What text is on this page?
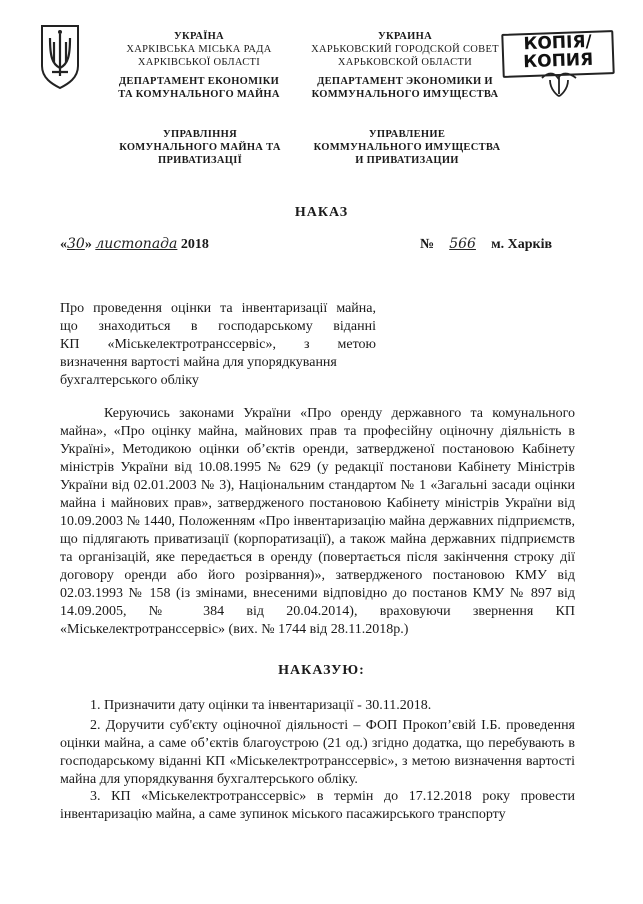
УКРАЇНА
ХАРКІВСЬКА МІСЬКА РАДА
ХАРКІВСЬКОЇ ОБЛАСТІ
ДЕПАРТАМЕНТ ЕКОНОМІКИ
ТА КОМУНАЛЬНОГО МАЙНА
УКРАИНА
ХАРЬКОВСКИЙ ГОРОДСКОЙ СОВЕТ
ХАРЬКОВСКОЙ ОБЛАСТИ
ДЕПАРТАМЕНТ ЭКОНОМИКИ И
КОММУНАЛЬНОГО ИМУЩЕСТВА
КОПІЯ/
КОПИЯ
УПРАВЛІННЯ
КОМУНАЛЬНОГО МАЙНА ТА
ПРИВАТИЗАЦІЇ
УПРАВЛЕНИЕ
КОММУНАЛЬНОГО ИМУЩЕСТВА
И ПРИВАТИЗАЦИИ
НАКАЗ
«30» листопада 2018	№ 566 м. Харків
Про проведення оцінки та інвентаризації майна,
що знаходиться в господарському віданні
КП «Міськелектротранссервіс», з метою
визначення вартості майна для упорядкування
бухгалтерського обліку
Керуючись законами України «Про оренду державного та комунального майна», «Про оцінку майна, майнових прав та професійну оціночну діяльність в Україні», Методикою оцінки об’єктів оренди, затвердженої постановою Кабінету міністрів України від 10.08.1995 № 629 (у редакції постанови Кабінету Міністрів України від 02.01.2003 № 3), Національним стандартом № 1 «Загальні засади оцінки майна і майнових прав», затвердженого постановою Кабінету міністрів України від 10.09.2003 № 1440, Положенням «Про інвентаризацію майна державних підприємств, що підлягають приватизації (корпоратизації), а також майна державних підприємств та організацій, яке передається в оренду (повертається після закінчення строку дії договору оренди або його розірвання)», затвердженого постановою КМУ від 02.03.1993 № 158 (із змінами, внесеними відповідно до постанов КМУ № 897 від 14.09.2005, № 384 від 20.04.2014), враховуючи звернення КП «Міськелектротранссервіс» (вих. № 1744 від 28.11.2018р.)
НАКАЗУЮ:
1. Призначити дату оцінки та інвентаризації - 30.11.2018.
2. Доручити суб'єкту оціночної діяльності – ФОП Прокоп’євій І.Б. проведення оцінки майна, а саме об’єктів благоустрою (21 од.) згідно додатка, що перебувають в господарському віданні КП «Міськелектротранссервіс», з метою визначення вартості майна для упорядкування бухгалтерського обліку.
3. КП «Міськелектротранссервіс» в термін до 17.12.2018 року провести інвентаризацію майна, а саме зупинок міського пасажирського транспорту
